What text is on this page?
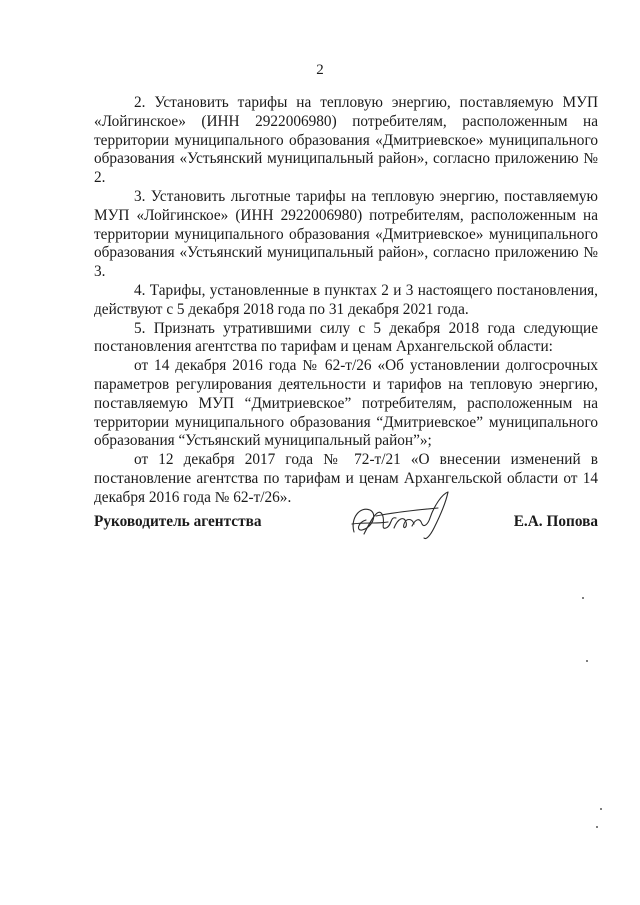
2

2. Установить тарифы на тепловую энергию, поставляемую МУП «Лойгинское» (ИНН 2922006980) потребителям, расположенным на территории муниципального образования «Дмитриевское» муниципального образования «Устьянский муниципальный район», согласно приложению № 2.

3. Установить льготные тарифы на тепловую энергию, поставляемую МУП «Лойгинское» (ИНН 2922006980) потребителям, расположенным на территории муниципального образования «Дмитриевское» муниципального образования «Устьянский муниципальный район», согласно приложению № 3.

4. Тарифы, установленные в пунктах 2 и 3 настоящего постановления, действуют с 5 декабря 2018 года по 31 декабря 2021 года.

5. Признать утратившими силу с 5 декабря 2018 года следующие постановления агентства по тарифам и ценам Архангельской области:

от 14 декабря 2016 года № 62-т/26 «Об установлении долгосрочных параметров регулирования деятельности и тарифов на тепловую энергию, поставляемую МУП “Дмитриевское” потребителям, расположенным на территории муниципального образования “Дмитриевское” муниципального образования “Устьянский муниципальный район”»;

от 12 декабря 2017 года № 72-т/21 «О внесении изменений в постановление агентства по тарифам и ценам Архангельской области от 14 декабря 2016 года № 62-т/26».

Руководитель агентства	Е.А. Попова
